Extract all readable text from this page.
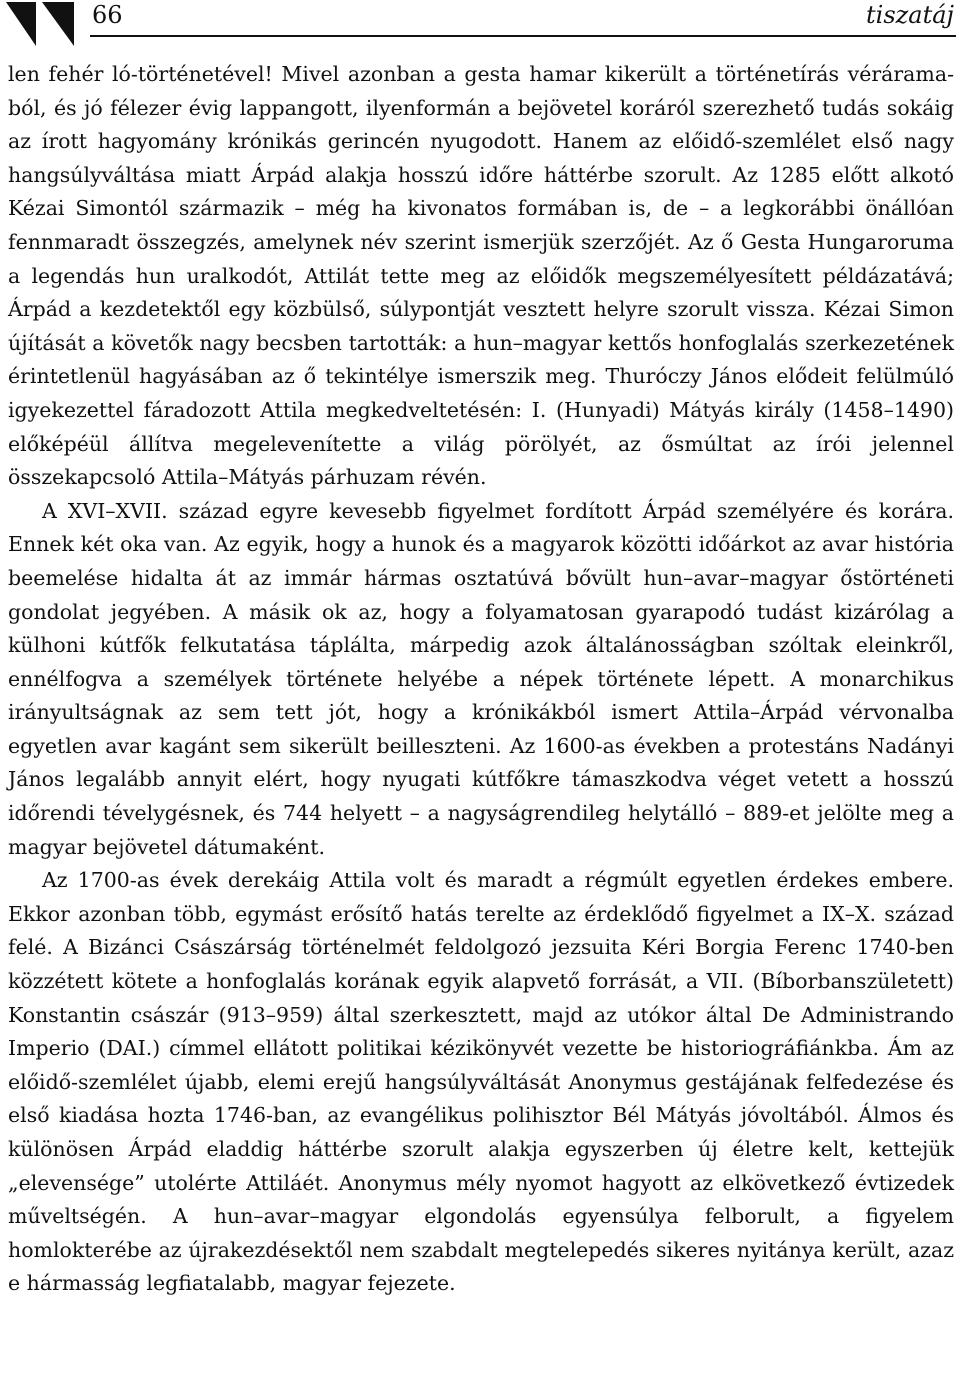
66	tiszatáj

len fehér ló-történetével! Mivel azonban a gesta hamar kikerült a történetírás véráramaból, és jó félezer évig lappangott, ilyenformán a bejövetel koráról szerezhető tudás sokáig az írott hagyomány krónikás gerincén nyugodott. Hanem az előidő-szemlélet első nagy hangsúlyváltása miatt Árpád alakja hosszú időre háttérbe szorult. Az 1285 előtt alkotó Kézai Simontól származik – még ha kivonatos formában is, de – a legkorábbi önállóan fennmaradt összegzés, amelynek név szerint ismerjük szerzőjét. Az ő Gesta Hungaroruma a legendás hun uralkodót, Attilát tette meg az előidők megszemélyesített példázatává; Árpád a kezdetektől egy közbülső, súlypontját vesztett helyre szorult vissza. Kézai Simon újítását a követők nagy becsben tartották: a hun–magyar kettős honfoglalás szerkezetének érintetlenül hagyásában az ő tekintélye ismerszik meg. Thuróczy János elődeit felülmúló igyekezettel fáradozott Attila megkedveltetésén: I. (Hunyadi) Mátyás király (1458–1490) előképéül állítva megelevenítette a világ pörölyét, az ősmúltat az írói jelennel összekapcsoló Attila–Mátyás párhuzam révén.

A XVI–XVII. század egyre kevesebb figyelmet fordított Árpád személyére és korára. Ennek két oka van. Az egyik, hogy a hunok és a magyarok közötti időárkot az avar história beemelése hidalta át az immár hármas osztatúvá bővült hun–avar–magyar őstörténeti gondolat jegyében. A másik ok az, hogy a folyamatosan gyarapodó tudást kizárólag a külhoni kútfők felkutatása táplálta, márpedig azok általánosságban szóltak eleinkről, ennélfogva a személyek története helyébe a népek története lépett. A monarchikus irányultságnak az sem tett jót, hogy a krónikákból ismert Attila–Árpád vérvonalba egyetlen avar kagánt sem sikerült beilleszteni. Az 1600-as években a protestáns Nadányi János legalább annyit elért, hogy nyugati kútfőkre támaszkodva véget vetett a hosszú időrendi tévelygésnek, és 744 helyett – a nagyságrendileg helytálló – 889-et jelölte meg a magyar bejövetel dátumaként.

Az 1700-as évek derekáig Attila volt és maradt a régmúlt egyetlen érdekes embere. Ekkor azonban több, egymást erősítő hatás terelte az érdeklődő figyelmet a IX–X. század felé. A Bizánci Császárság történelmét feldolgozó jezsuita Kéri Borgia Ferenc 1740-ben közzétett kötete a honfoglalás korának egyik alapvető forrását, a VII. (Bíborbanszületett) Konstantin császár (913–959) által szerkesztett, majd az utókor által De Administrando Imperio (DAI.) címmel ellátott politikai kézikönyvét vezette be historiográfiánkba. Ám az előidő-szemlélet újabb, elemi erejű hangsúlyváltását Anonymus gestájának felfedezése és első kiadása hozta 1746-ban, az evangélikus polihisztor Bél Mátyás jóvoltából. Álmos és különösen Árpád eladdig háttérbe szorult alakja egyszerben új életre kelt, kettejük „elevensége” utolérte Attiláét. Anonymus mély nyomot hagyott az elkövetkező évtizedek műveltségén. A hun–avar–magyar elgondolás egyensúlya felborult, a figyelem homlokterébe az újrakezdésektől nem szabdalt megtelepedés sikeres nyitánya került, azaz e hármasság legfiatalabb, magyar fejezete.
